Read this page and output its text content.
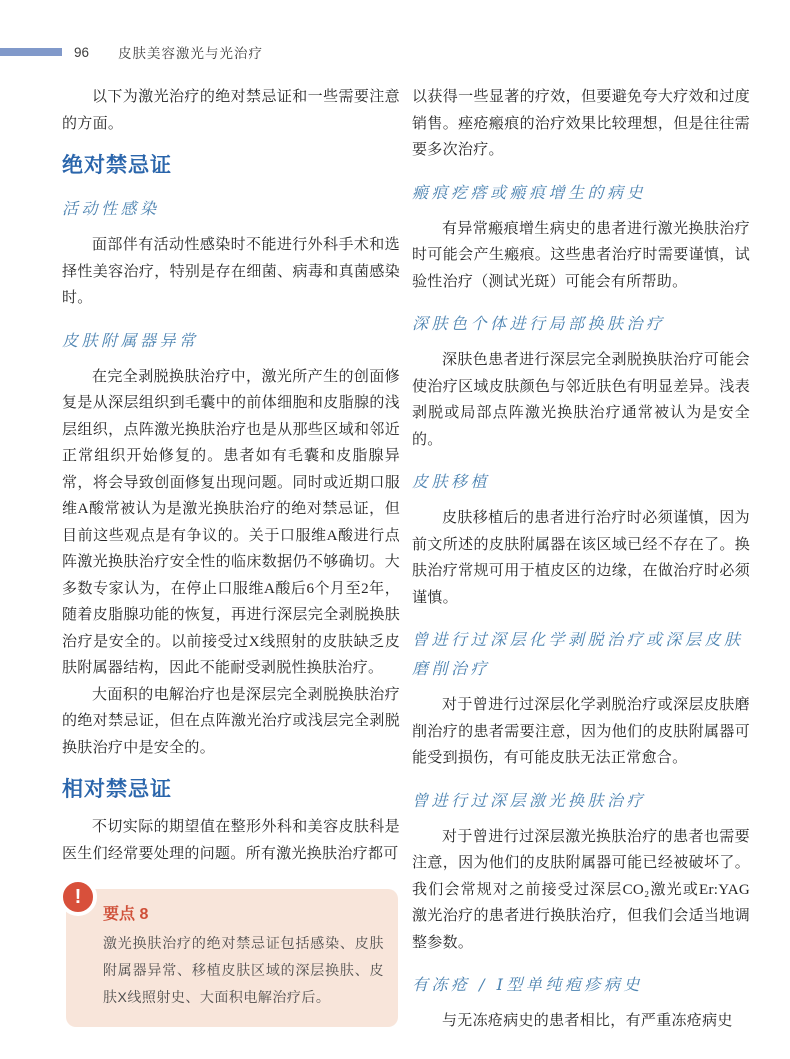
96	皮肤美容激光与光治疗

以下为激光治疗的绝对禁忌证和一些需要注意的方面。

绝对禁忌证
活动性感染

面部伴有活动性感染时不能进行外科手术和选择性美容治疗，特别是存在细菌、病毒和真菌感染时。

皮肤附属器异常

在完全剥脱换肤治疗中，激光所产生的创面修复是从深层组织到毛囊中的前体细胞和皮脂腺的浅层组织，点阵激光换肤治疗也是从那些区域和邻近正常组织开始修复的。患者如有毛囊和皮脂腺异常，将会导致创面修复出现问题。同时或近期口服维A酸常被认为是激光换肤治疗的绝对禁忌证，但目前这些观点是有争议的。关于口服维A酸进行点阵激光换肤治疗安全性的临床数据仍不够确切。大多数专家认为，在停止口服维A酸后6个月至2年，随着皮脂腺功能的恢复，再进行深层完全剥脱换肤治疗是安全的。以前接受过X线照射的皮肤缺乏皮肤附属器结构，因此不能耐受剥脱性换肤治疗。

大面积的电解治疗也是深层完全剥脱换肤治疗的绝对禁忌证，但在点阵激光治疗或浅层完全剥脱换肤治疗中是安全的。

相对禁忌证

不切实际的期望值在整形外科和美容皮肤科是医生们经常要处理的问题。所有激光换肤治疗都可

!

要点 8

激光换肤治疗的绝对禁忌证包括感染、皮肤附属器异常、移植皮肤区域的深层换肤、皮肤X线照射史、大面积电解治疗后。

以获得一些显著的疗效，但要避免夸大疗效和过度销售。痤疮瘢痕的治疗效果比较理想，但是往往需要多次治疗。

瘢痕疙瘩或瘢痕增生的病史

有异常瘢痕增生病史的患者进行激光换肤治疗时可能会产生瘢痕。这些患者治疗时需要谨慎，试验性治疗（测试光斑）可能会有所帮助。

深肤色个体进行局部换肤治疗

深肤色患者进行深层完全剥脱换肤治疗可能会使治疗区域皮肤颜色与邻近肤色有明显差异。浅表剥脱或局部点阵激光换肤治疗通常被认为是安全的。

皮肤移植

皮肤移植后的患者进行治疗时必须谨慎，因为前文所述的皮肤附属器在该区域已经不存在了。换肤治疗常规可用于植皮区的边缘，在做治疗时必须谨慎。

曾进行过深层化学剥脱治疗或深层皮肤磨削治疗

对于曾进行过深层化学剥脱治疗或深层皮肤磨削治疗的患者需要注意，因为他们的皮肤附属器可能受到损伤，有可能皮肤无法正常愈合。

曾进行过深层激光换肤治疗

对于曾进行过深层激光换肤治疗的患者也需要注意，因为他们的皮肤附属器可能已经被破坏了。我们会常规对之前接受过深层CO₂激光或Er:YAG激光治疗的患者进行换肤治疗，但我们会适当地调整参数。

有冻疮 / Ⅰ型单纯疱疹病史

与无冻疮病史的患者相比，有严重冻疮病史
